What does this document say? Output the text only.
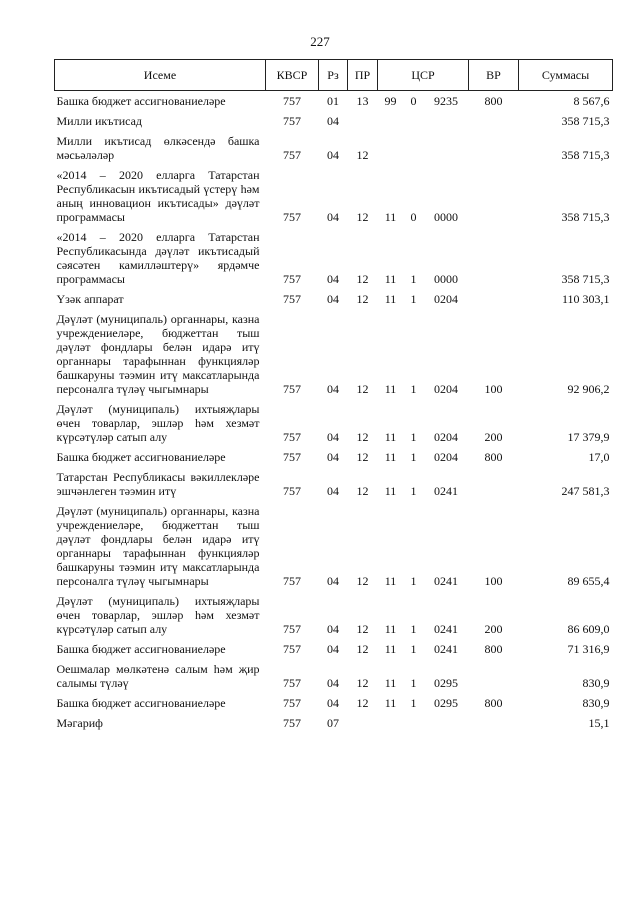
227
Исеме	КВСР	Рз	ПР	ЦСР			ВР	Суммасы
Башка бюджет ассигнованиеләре	757	01	13	99	0	9235	800	8 567,6
Милли икътисад	757	04						358 715,3
Милли икътисад өлкәсендә башка мәсьәләләр	757	04	12					358 715,3
«2014 – 2020 елларга Татарстан Республикасын икътисадый үстерү һәм аның инновацион икътисады» дәүләт программасы	757	04	12	11	0	0000		358 715,3
«2014 – 2020 елларга Татарстан Республикасында дәүләт икътисадый сәясәтен камилләштерү» ярдәмче программасы	757	04	12	11	1	0000		358 715,3
Үзәк аппарат	757	04	12	11	1	0204		110 303,1
Дәүләт (муниципаль) органнары, казна учреждениеләре, бюджеттан тыш дәүләт фондлары белән идарә итү органнары тарафыннан функцияләр башкаруны тәэмин итү максатларында персоналга түләү чыгымнары	757	04	12	11	1	0204	100	92 906,2
Дәүләт (муниципаль) ихтыяҗлары өчен товарлар, эшләр һәм хезмәт күрсәтүләр сатып алу	757	04	12	11	1	0204	200	17 379,9
Башка бюджет ассигнованиеләре	757	04	12	11	1	0204	800	17,0
Татарстан Республикасы вәкиллекләре эшчәнлеген тәэмин итү	757	04	12	11	1	0241		247 581,3
Дәүләт (муниципаль) органнары, казна учреждениеләре, бюджеттан тыш дәүләт фондлары белән идарә итү органнары тарафыннан функцияләр башкаруны тәэмин итү максатларында персоналга түләү чыгымнары	757	04	12	11	1	0241	100	89 655,4
Дәүләт (муниципаль) ихтыяҗлары өчен товарлар, эшләр һәм хезмәт күрсәтүләр сатып алу	757	04	12	11	1	0241	200	86 609,0
Башка бюджет ассигнованиеләре	757	04	12	11	1	0241	800	71 316,9
Оешмалар мөлкәтенә салым һәм җир салымы түләү	757	04	12	11	1	0295		830,9
Башка бюджет ассигнованиеләре	757	04	12	11	1	0295	800	830,9
Мәгариф	757	07						15,1
